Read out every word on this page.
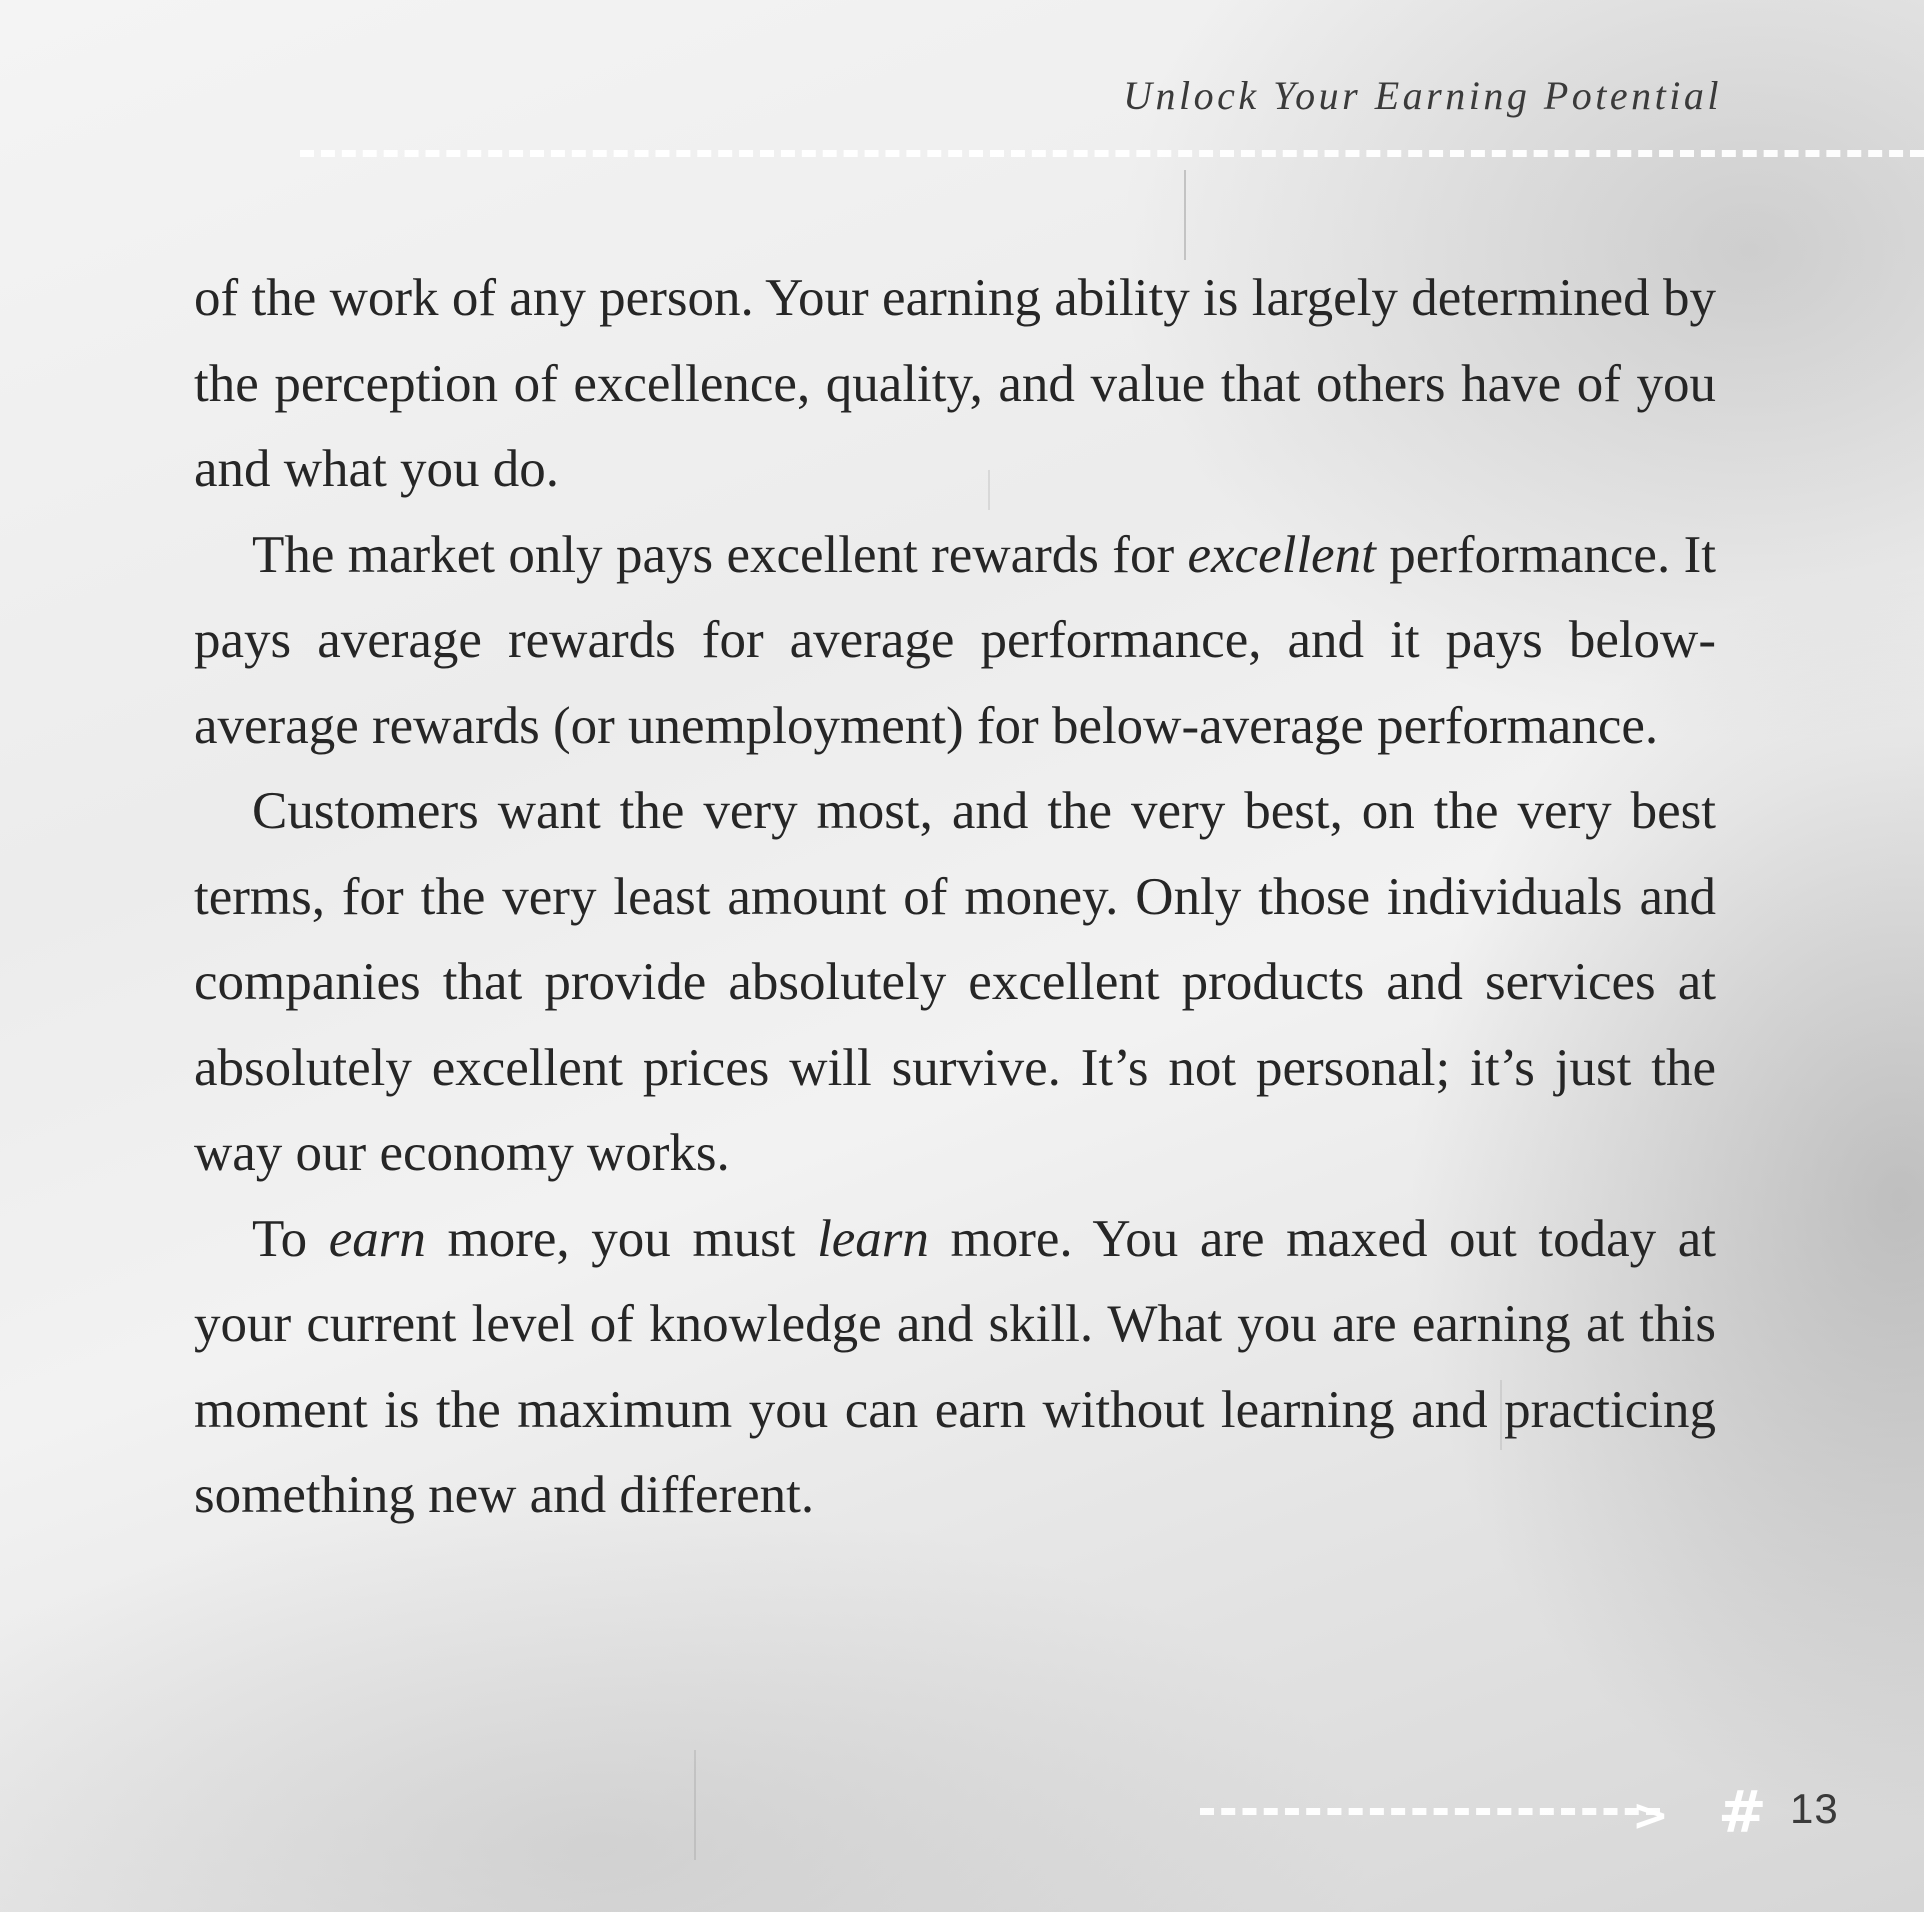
Unlock Your Earning Potential

of the work of any person. Your earning ability is largely determined by the perception of excellence, quality, and value that others have of you and what you do.

The market only pays excellent rewards for excellent performance. It pays average rewards for average performance, and it pays below-average rewards (or unemployment) for below-average performance.

Customers want the very most, and the very best, on the very best terms, for the very least amount of money. Only those individuals and companies that provide absolutely excellent products and services at absolutely excellent prices will survive. It’s not personal; it’s just the way our economy works.

To earn more, you must learn more. You are maxed out today at your current level of knowledge and skill. What you are earning at this moment is the maximum you can earn without learning and practicing something new and different.

> # 13
